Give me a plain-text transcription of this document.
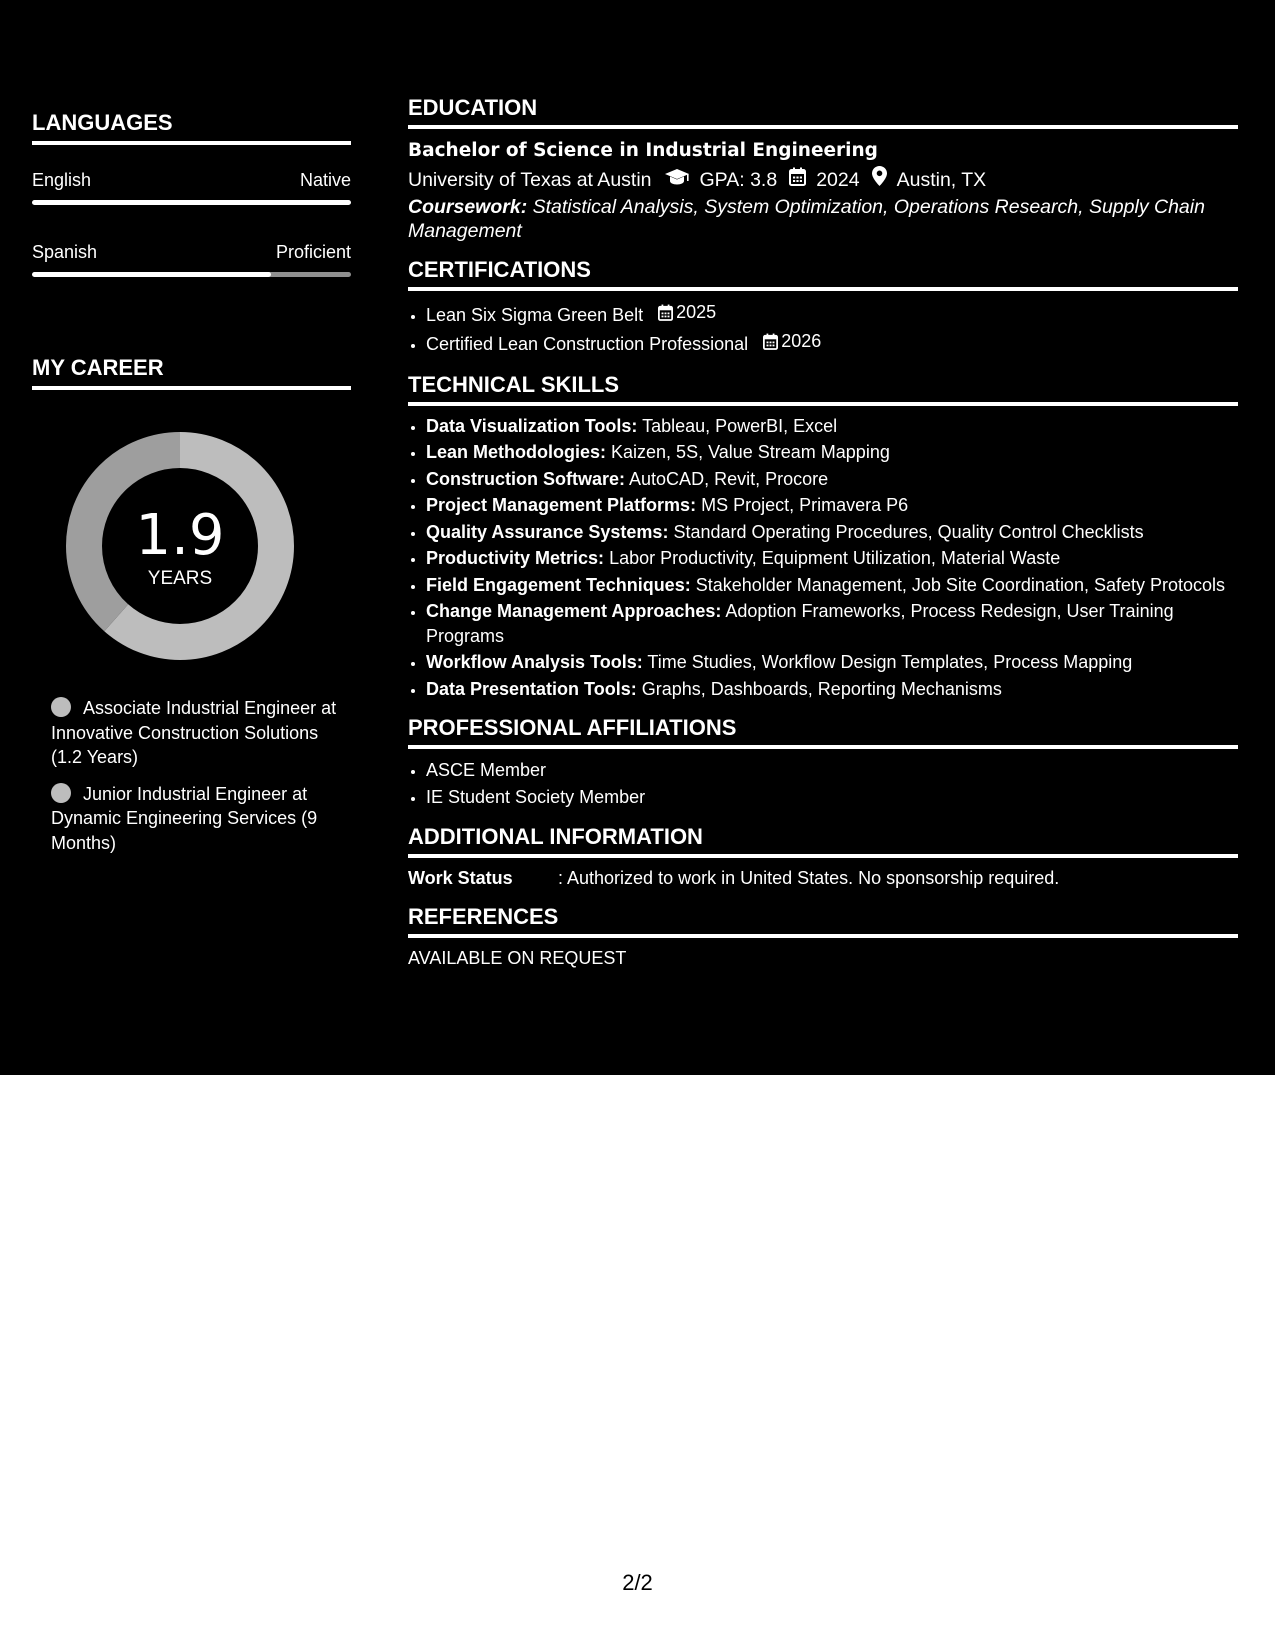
LANGUAGES
English	Native
Spanish	Proficient
MY CAREER
1.9
YEARS
Associate Industrial Engineer at Innovative Construction Solutions (1.2 Years)
Junior Industrial Engineer at Dynamic Engineering Services (9 Months)
EDUCATION
Bachelor of Science in Industrial Engineering
University of Texas at Austin GPA: 3.8 2024 Austin, TX
Coursework: Statistical Analysis, System Optimization, Operations Research, Supply Chain Management
CERTIFICATIONS
• Lean Six Sigma Green Belt 2025
• Certified Lean Construction Professional 2026
TECHNICAL SKILLS
• Data Visualization Tools: Tableau, PowerBI, Excel
• Lean Methodologies: Kaizen, 5S, Value Stream Mapping
• Construction Software: AutoCAD, Revit, Procore
• Project Management Platforms: MS Project, Primavera P6
• Quality Assurance Systems: Standard Operating Procedures, Quality Control Checklists
• Productivity Metrics: Labor Productivity, Equipment Utilization, Material Waste
• Field Engagement Techniques: Stakeholder Management, Job Site Coordination, Safety Protocols
• Change Management Approaches: Adoption Frameworks, Process Redesign, User Training Programs
• Workflow Analysis Tools: Time Studies, Workflow Design Templates, Process Mapping
• Data Presentation Tools: Graphs, Dashboards, Reporting Mechanisms
PROFESSIONAL AFFILIATIONS
• ASCE Member
• IE Student Society Member
ADDITIONAL INFORMATION
Work Status	: Authorized to work in United States. No sponsorship required.
REFERENCES
AVAILABLE ON REQUEST
2/2
